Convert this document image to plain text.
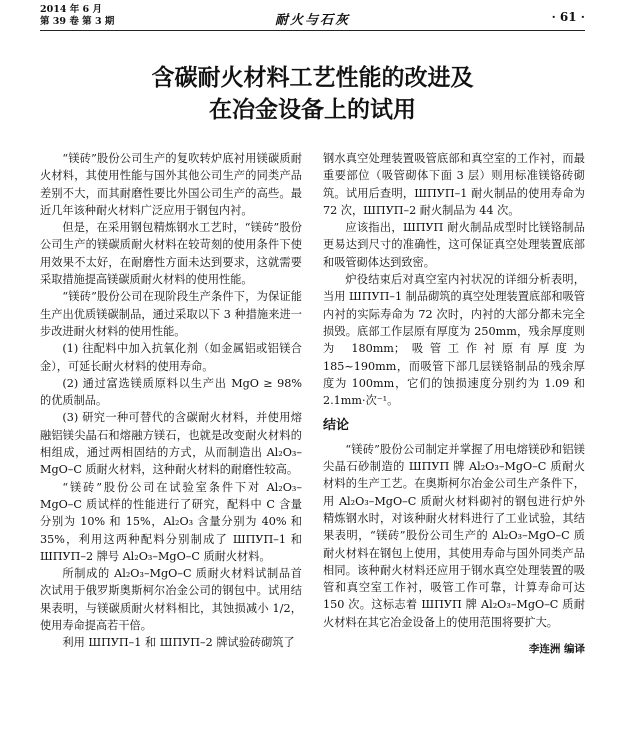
2014 年 6 月
第 39 卷 第 3 期	耐火与石灰	· 61 ·
含碳耐火材料工艺性能的改进及
在冶金设备上的试用

“镁砖”股份公司生产的复吹转炉底衬用镁碳质耐火材料，其使用性能与国外其他公司生产的同类产品差别不大，而其耐磨性要比外国公司生产的高些。最近几年该种耐火材料广泛应用于钢包内衬。

但是，在采用钢包精炼钢水工艺时，“镁砖”股份公司生产的镁碳质耐火材料在较苛刻的使用条件下使用效果不太好，在耐磨性方面未达到要求，这就需要采取措施提高镁碳质耐火材料的使用性能。

“镁砖”股份公司在现阶段生产条件下，为保证能生产出优质镁碳制品，通过采取以下 3 种措施来进一步改进耐火材料的使用性能。

(1) 往配料中加入抗氧化剂（如金属铝或铝镁合金），可延长耐火材料的使用寿命。

(2) 通过富选镁质原料以生产出 MgO ≥ 98% 的优质制品。

(3) 研究一种可替代的含碳耐火材料，并使用熔融铝镁尖晶石和熔融方镁石，也就是改变耐火材料的相组成，通过两相固结的方式，从而制造出 Al₂O₃–MgO–C 质耐火材料，这种耐火材料的耐磨性较高。

“镁砖”股份公司在试验室条件下对 Al₂O₃–MgO–C 质试样的性能进行了研究，配料中 C 含量分别为 10% 和 15%，Al₂O₃ 含量分别为 40% 和 35%，利用这两种配料分别制成了 ШПУП–1 和 ШПУП–2 牌号 Al₂O₃–MgO–C 质耐火材料。

所制成的 Al₂O₃–MgO–C 质耐火材料试制品首次试用于俄罗斯奥斯柯尔冶金公司的钢包中。试用结果表明，与镁碳质耐火材料相比，其蚀损减小 1/2，使用寿命提高若干倍。

利用 ШПУП–1 和 ШПУП–2 牌试验砖砌筑了

钢水真空处理装置吸管底部和真空室的工作衬，而最重要部位（吸管砌体下面 3 层）则用标准镁铬砖砌筑。试用后查明，ШПУП–1 耐火制品的使用寿命为 72 次，ШПУП–2 耐火制品为 44 次。

应该指出，ШПУП 耐火制品成型时比镁铬制品更易达到尺寸的准确性，这可保证真空处理装置底部和吸管砌体达到致密。

炉役结束后对真空室内衬状况的详细分析表明，当用 ШПУП–1 制品砌筑的真空处理装置底部和吸管内衬的实际寿命为 72 次时，内衬的大部分都未完全损毁。底部工作层原有厚度为 250mm，残余厚度则为 180mm；吸管工作衬原有厚度为 185~190mm，而吸管下部几层镁铬制品的残余厚度为 100mm，它们的蚀损速度分别约为 1.09 和 2.1mm·次⁻¹。

结论

“镁砖”股份公司制定并掌握了用电熔镁砂和铝镁尖晶石砂制造的 ШПУП 牌 Al₂O₃–MgO–C 质耐火材料的生产工艺。在奥斯柯尔冶金公司生产条件下，用 Al₂O₃–MgO–C 质耐火材料砌衬的钢包进行炉外精炼钢水时，对该种耐火材料进行了工业试验，其结果表明，“镁砖”股份公司生产的 Al₂O₃–MgO–C 质耐火材料在钢包上使用，其使用寿命与国外同类产品相同。该种耐火材料还应用于钢水真空处理装置的吸管和真空室工作衬，吸管工作可靠，计算寿命可达 150 次。这标志着 ШПУП 牌 Al₂O₃–MgO–C 质耐火材料在其它冶金设备上的使用范围将要扩大。

李连洲 编译
